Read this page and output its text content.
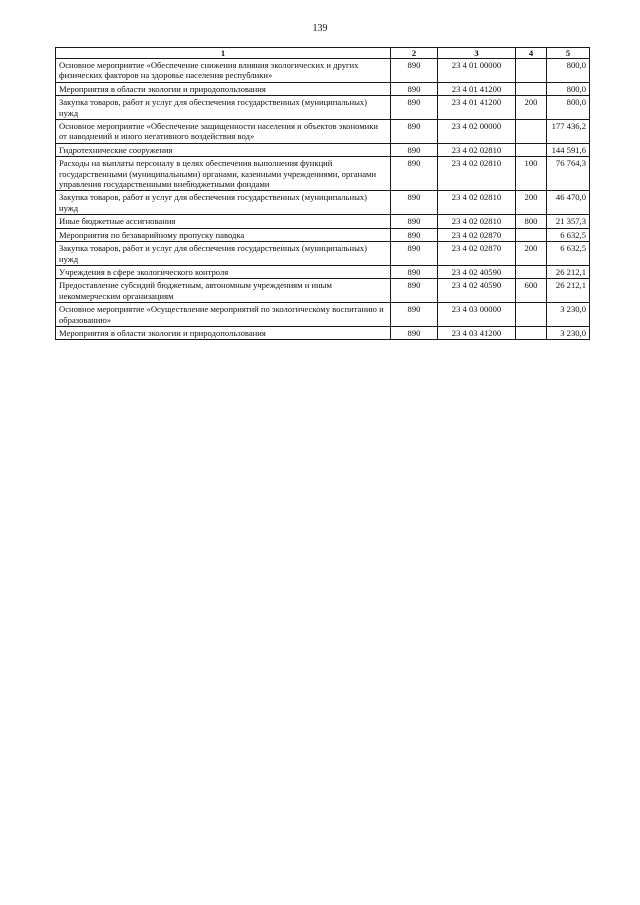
139
1	2	3	4	5
Основное мероприятие «Обеспечение снижения влияния экологических и других физических факторов на здоровье населения республики»	890	23 4 01 00000		800,0
Мероприятия в области экологии и природопользования	890	23 4 01 41200		800,0
Закупка товаров, работ и услуг для обеспечения государственных (муниципальных) нужд	890	23 4 01 41200	200	800,0
Основное мероприятие «Обеспечение защищенности населения и объектов экономики от наводнений и иного негативного воздействия вод»	890	23 4 02 00000		177 436,2
Гидротехнические сооружения	890	23 4 02 02810		144 591,6
Расходы на выплаты персоналу в целях обеспечения выполнения функций государственными (муниципальными) органами, казенными учреждениями, органами управления государственными внебюджетными фондами	890	23 4 02 02810	100	76 764,3
Закупка товаров, работ и услуг для обеспечения государственных (муниципальных) нужд	890	23 4 02 02810	200	46 470,0
Иные бюджетные ассигнования	890	23 4 02 02810	800	21 357,3
Мероприятия по безаварийному пропуску паводка	890	23 4 02 02870		6 632,5
Закупка товаров, работ и услуг для обеспечения государственных (муниципальных) нужд	890	23 4 02 02870	200	6 632,5
Учреждения в сфере экологического контроля	890	23 4 02 40590		26 212,1
Предоставление субсидий бюджетным, автономным учреждениям и иным некоммерческим организациям	890	23 4 02 40590	600	26 212,1
Основное мероприятие «Осуществление мероприятий по экологическому воспитанию и образованию»	890	23 4 03 00000		3 230,0
Мероприятия в области экологии и природопользования	890	23 4 03 41200		3 230,0
